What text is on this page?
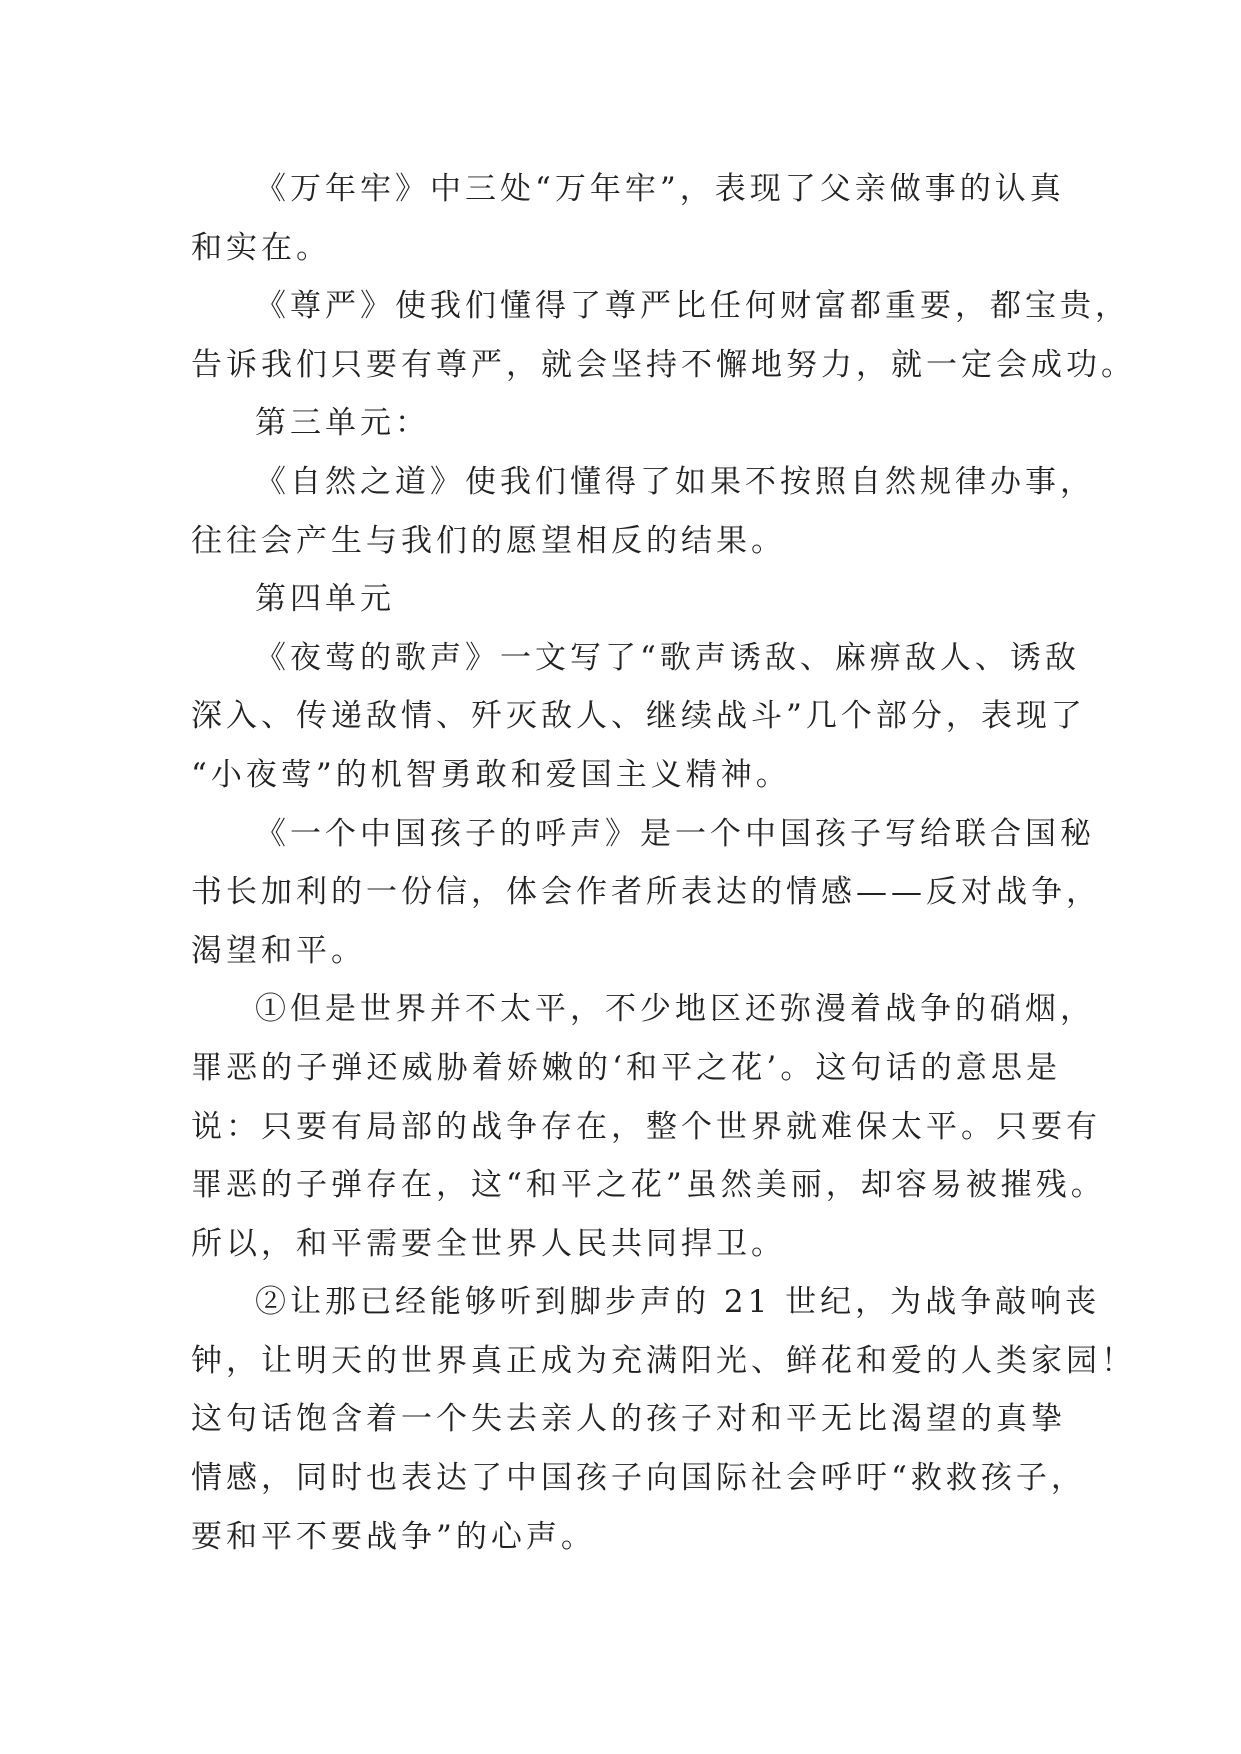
《万年牢》中三处“万年牢”，表现了父亲做事的认真
和实在。
《尊严》使我们懂得了尊严比任何财富都重要，都宝贵，
告诉我们只要有尊严，就会坚持不懈地努力，就一定会成功。
第三单元：
《自然之道》使我们懂得了如果不按照自然规律办事，
往往会产生与我们的愿望相反的结果。
第四单元
《夜莺的歌声》一文写了“歌声诱敌、麻痹敌人、诱敌
深入、传递敌情、歼灭敌人、继续战斗”几个部分，表现了
“小夜莺”的机智勇敢和爱国主义精神。
《一个中国孩子的呼声》是一个中国孩子写给联合国秘
书长加利的一份信，体会作者所表达的情感——反对战争，
渴望和平。
①但是世界并不太平，不少地区还弥漫着战争的硝烟，
罪恶的子弹还威胁着娇嫩的‘和平之花’。这句话的意思是
说：只要有局部的战争存在，整个世界就难保太平。只要有
罪恶的子弹存在，这“和平之花”虽然美丽，却容易被摧残。
所以，和平需要全世界人民共同捍卫。
②让那已经能够听到脚步声的 21 世纪，为战争敲响丧
钟，让明天的世界真正成为充满阳光、鲜花和爱的人类家园！
这句话饱含着一个失去亲人的孩子对和平无比渴望的真挚
情感，同时也表达了中国孩子向国际社会呼吁“救救孩子，
要和平不要战争”的心声。
